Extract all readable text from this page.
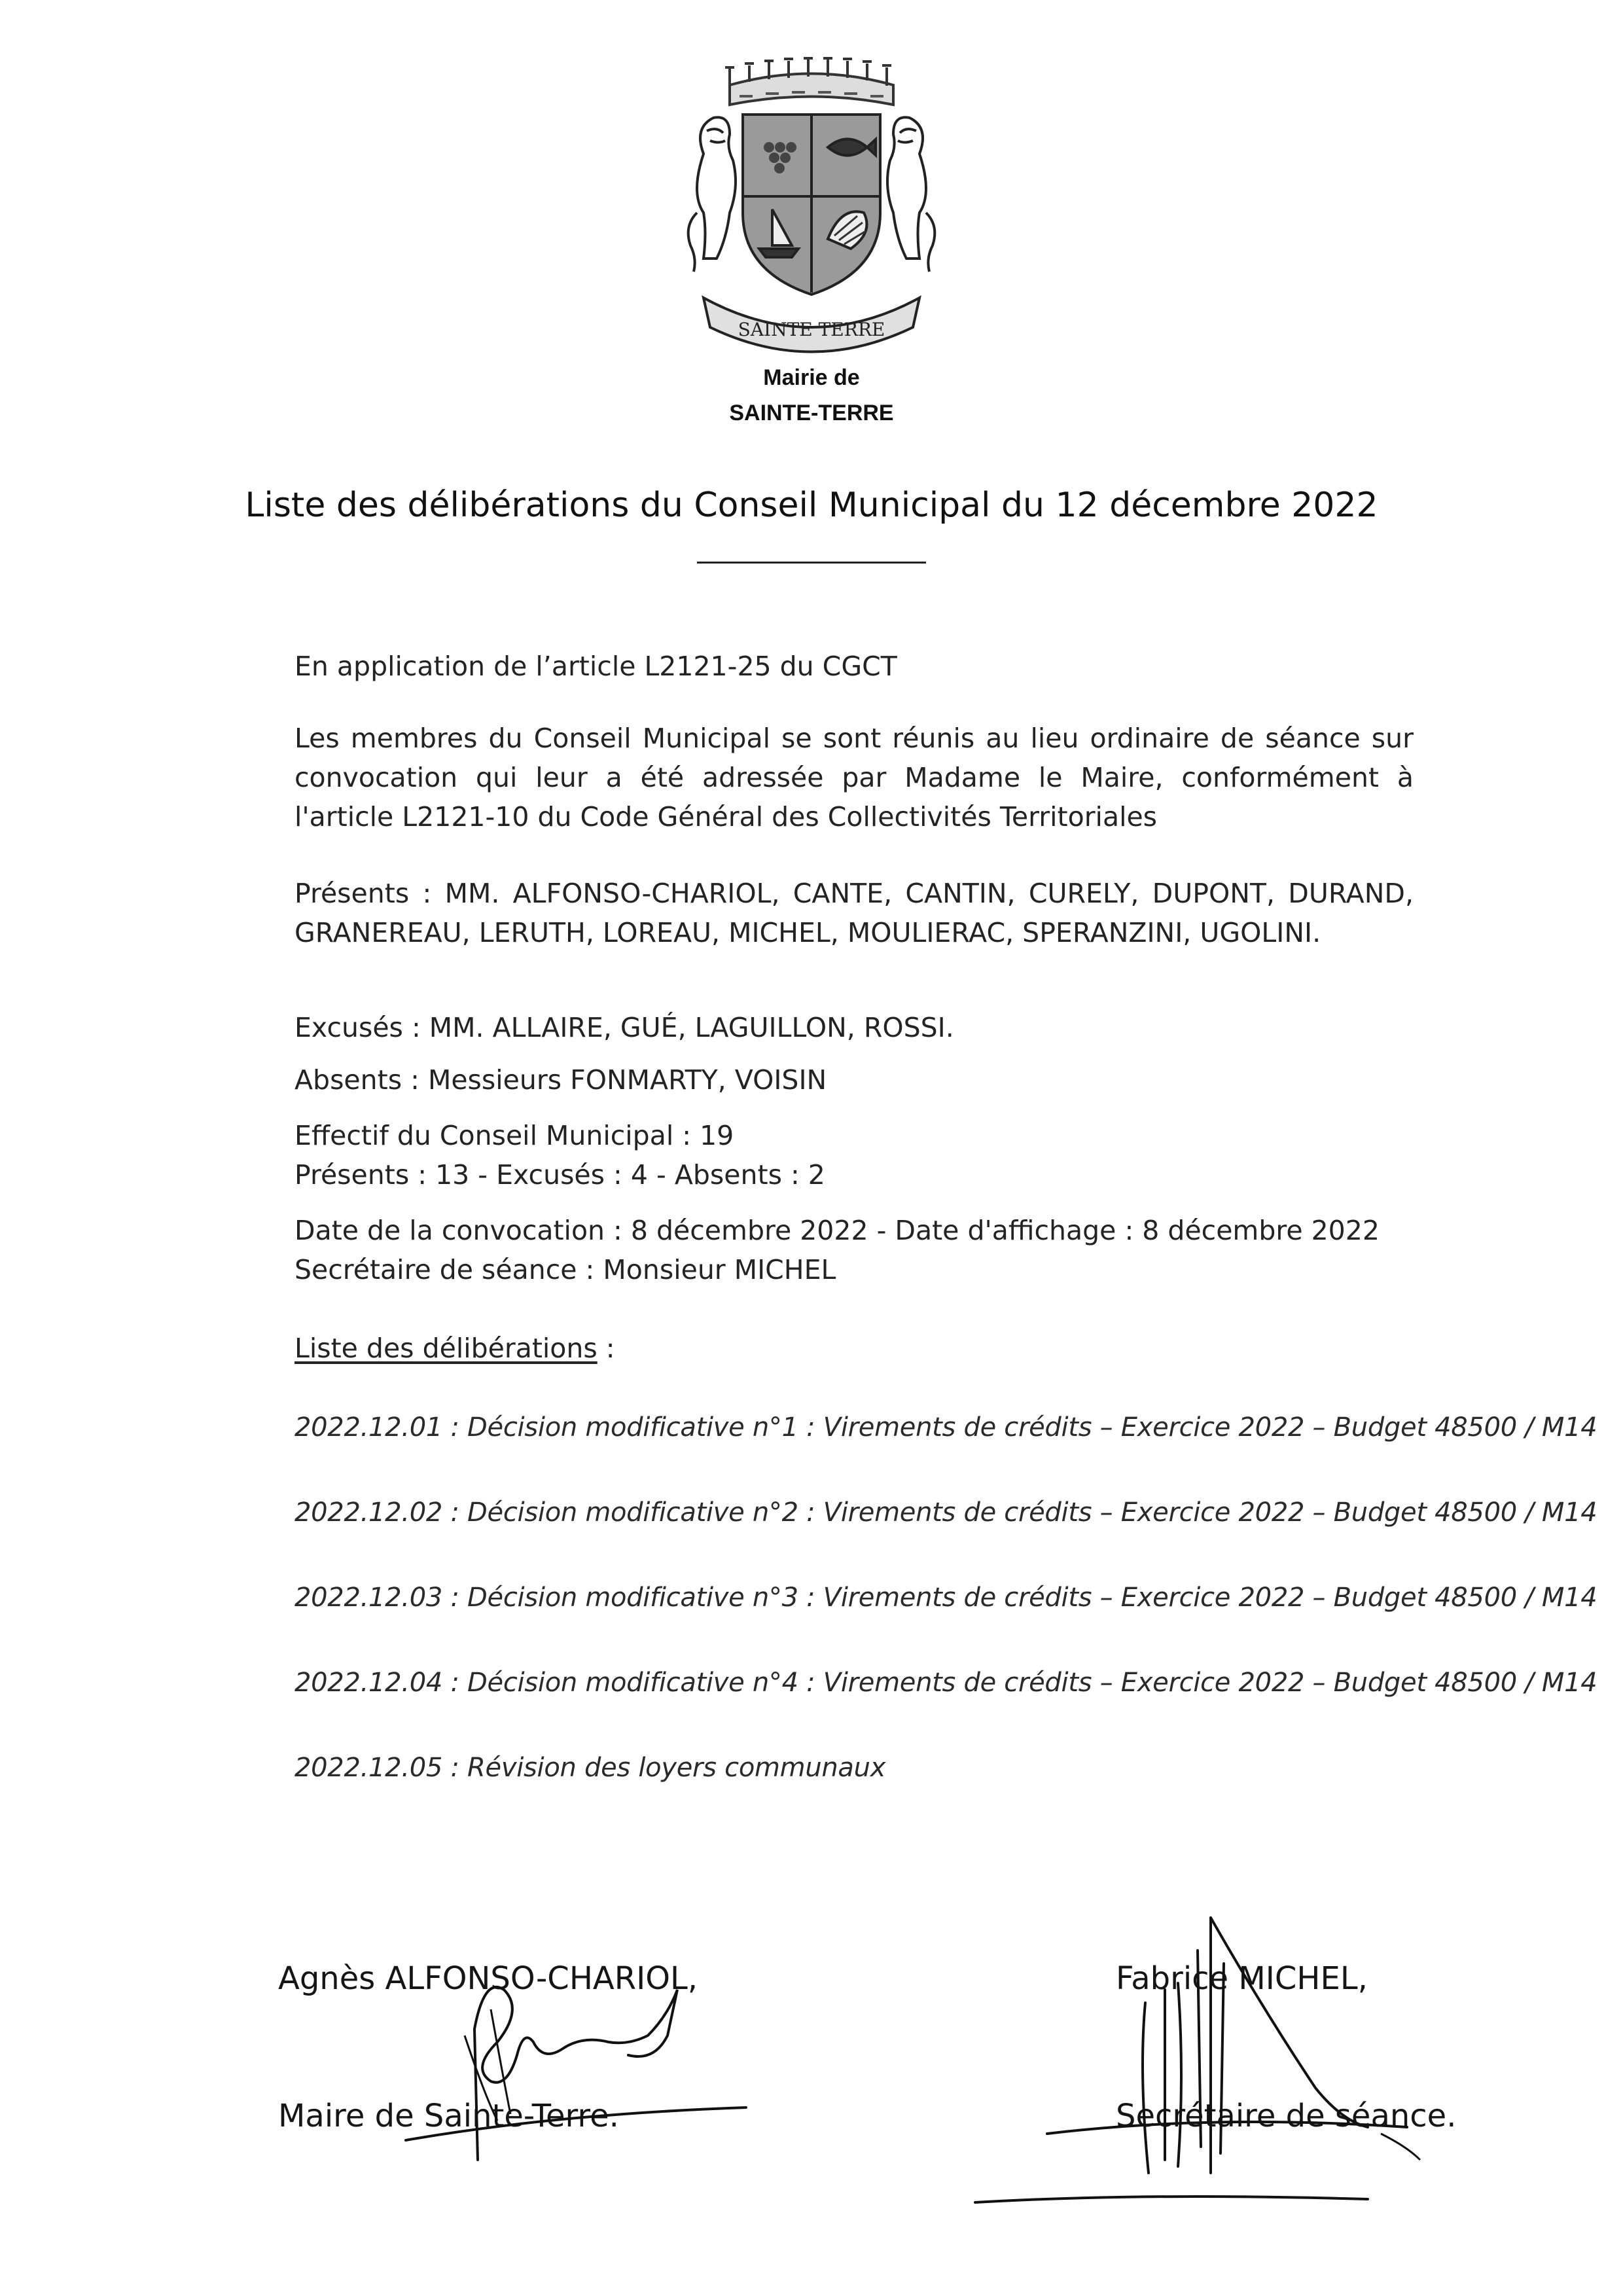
SAINTE TERRE
Mairie de
SAINTE-TERRE
Liste des délibérations du Conseil Municipal du 12 décembre 2022
En application de l’article L2121-25 du CGCT
Les membres du Conseil Municipal se sont réunis au lieu ordinaire de séance sur convocation qui leur a été adressée par Madame le Maire, conformément à l'article L2121-10 du Code Général des Collectivités Territoriales
Présents : MM. ALFONSO-CHARIOL, CANTE, CANTIN, CURELY, DUPONT, DURAND, GRANEREAU, LERUTH, LOREAU, MICHEL, MOULIERAC, SPERANZINI, UGOLINI.
Excusés : MM. ALLAIRE, GUÉ, LAGUILLON, ROSSI.
Absents : Messieurs FONMARTY, VOISIN
Effectif du Conseil Municipal : 19
Présents : 13 - Excusés : 4 - Absents : 2
Date de la convocation : 8 décembre 2022 - Date d'affichage : 8 décembre 2022
Secrétaire de séance : Monsieur MICHEL
Liste des délibérations :
2022.12.01 : Décision modificative n°1 : Virements de crédits – Exercice 2022 – Budget 48500 / M14
2022.12.02 : Décision modificative n°2 : Virements de crédits – Exercice 2022 – Budget 48500 / M14
2022.12.03 : Décision modificative n°3 : Virements de crédits – Exercice 2022 – Budget 48500 / M14
2022.12.04 : Décision modificative n°4 : Virements de crédits – Exercice 2022 – Budget 48500 / M14
2022.12.05 : Révision des loyers communaux
Agnès ALFONSO-CHARIOL,
Maire de Sainte-Terre.
Fabrice MICHEL,
Secrétaire de séance.
